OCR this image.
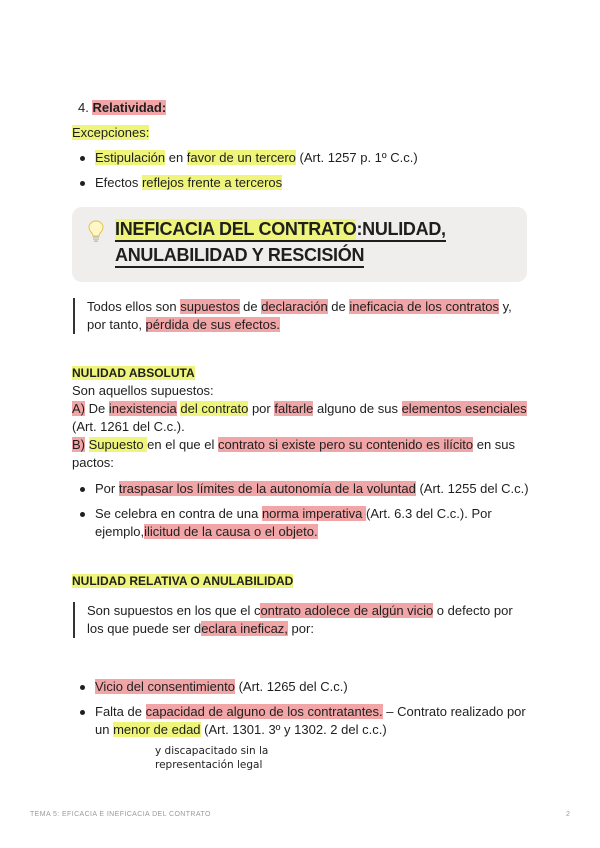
4. Relatividad:
Excepciones:
Estipulación en favor de un tercero (Art. 1257 p. 1º C.c.)
Efectos reflejos frente a terceros
INEFICACIA DEL CONTRATO:NULIDAD,
ANULABILIDAD Y RESCISIÓN
Todos ellos son supuestos de declaración de ineficacia de los contratos y,
por tanto, pérdida de sus efectos.
NULIDAD ABSOLUTA
Son aquellos supuestos:
A) De inexistencia del contrato por faltarle alguno de sus elementos esenciales
(Art. 1261 del C.c.).
B) Supuesto en el que el contrato si existe pero su contenido es ilícito en sus
pactos:
Por traspasar los límites de la autonomía de la voluntad (Art. 1255 del C.c.)
Se celebra en contra de una norma imperativa (Art. 6.3 del C.c.). Por
ejemplo,ilicitud de la causa o el objeto.
NULIDAD RELATIVA O ANULABILIDAD
Son supuestos en los que el contrato adolece de algún vicio o defecto por
los que puede ser declara ineficaz, por:
Vicio del consentimiento (Art. 1265 del C.c.)
Falta de capacidad de alguno de los contratantes. – Contrato realizado por
un menor de edad (Art. 1301. 3º y 1302. 2 del c.c.)
y discapacitado sin la
representación legal
TEMA 5: EFICACIA E INEFICACIA DEL CONTRATO	2
